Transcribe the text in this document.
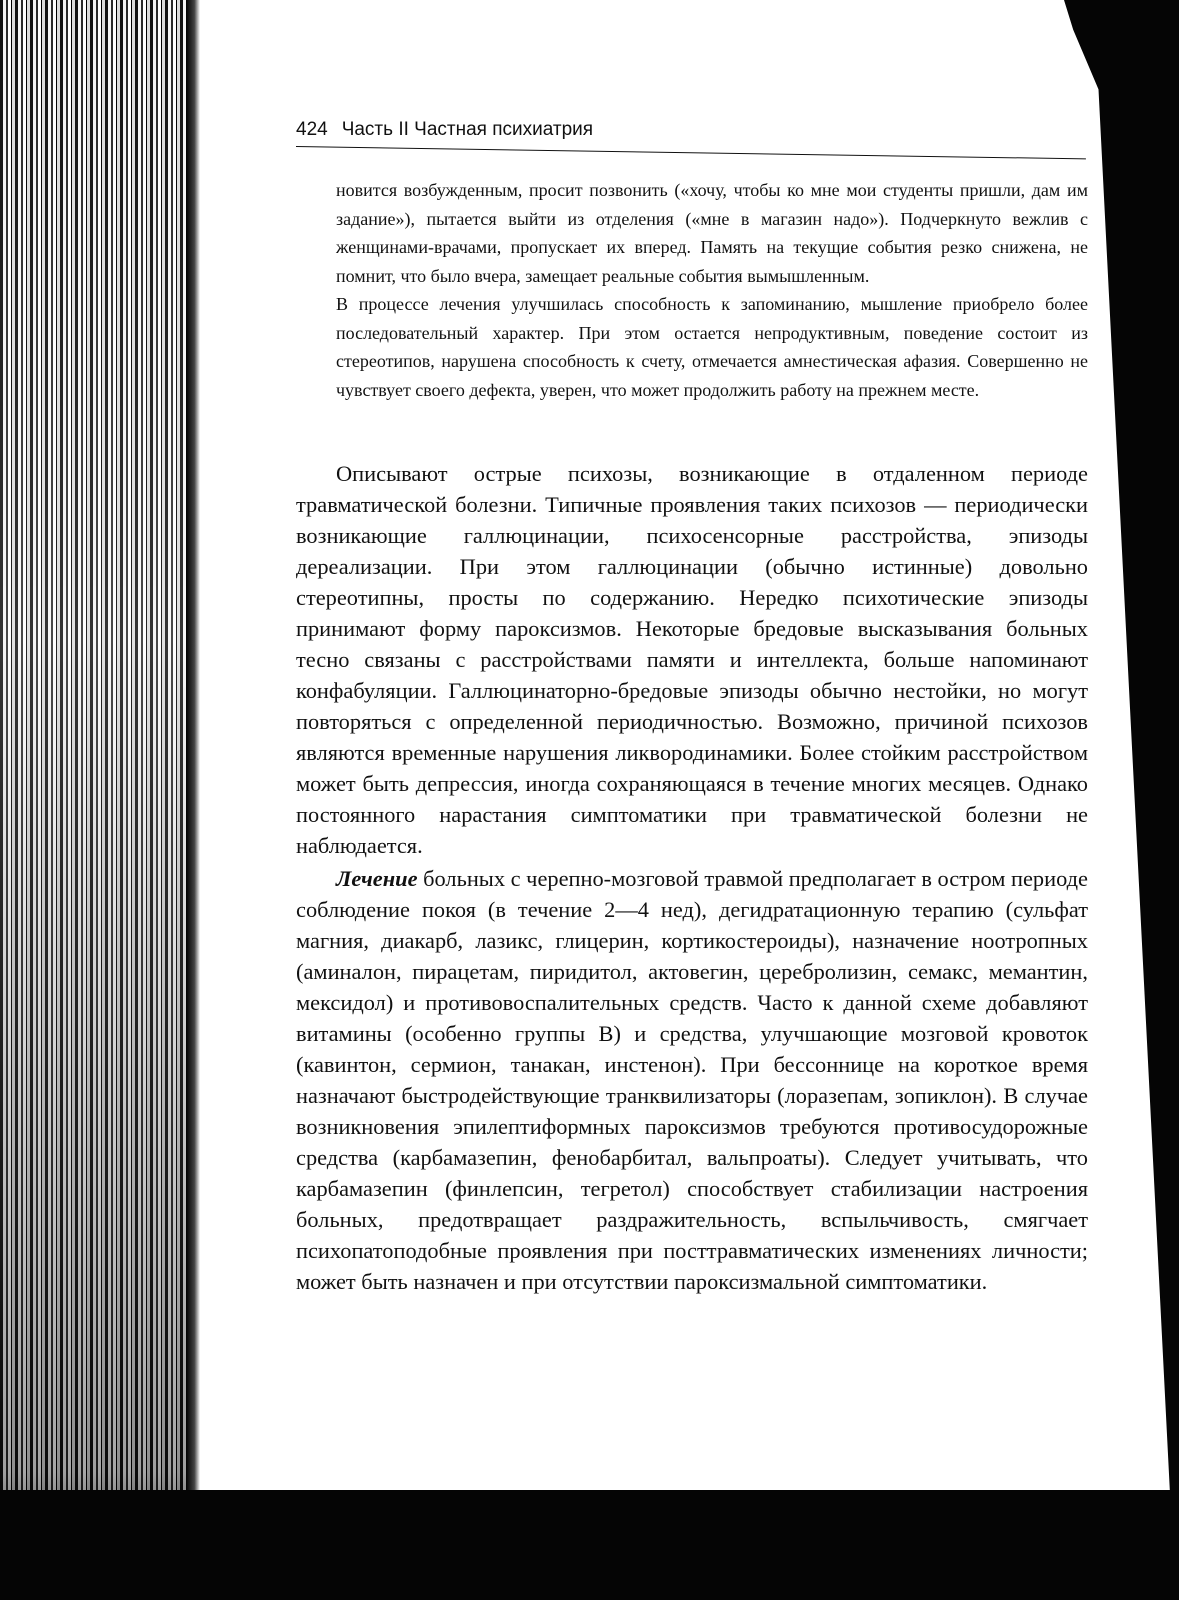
424 Часть II Частная психиатрия

новится возбужденным, просит позвонить («хочу, чтобы ко мне мои студенты пришли, дам им задание»), пытается выйти из отделения («мне в магазин надо»). Подчеркнуто вежлив с женщинами-врачами, пропускает их вперед. Память на текущие события резко снижена, не помнит, что было вчера, замещает реальные события вымышленным.

В процессе лечения улучшилась способность к запоминанию, мышление приобрело более последовательный характер. При этом остается непродуктивным, поведение состоит из стереотипов, нарушена способность к счету, отмечается амнестическая афазия. Совершенно не чувствует своего дефекта, уверен, что может продолжить работу на прежнем месте.

Описывают острые психозы, возникающие в отдаленном периоде травматической болезни. Типичные проявления таких психозов — периодически возникающие галлюцинации, психосенсорные расстройства, эпизоды дереализации. При этом галлюцинации (обычно истинные) довольно стереотипны, просты по содержанию. Нередко психотические эпизоды принимают форму пароксизмов. Некоторые бредовые высказывания больных тесно связаны с расстройствами памяти и интеллекта, больше напоминают конфабуляции. Галлюцинаторно-бредовые эпизоды обычно нестойки, но могут повторяться с определенной периодичностью. Возможно, причиной психозов являются временные нарушения ликвородинамики. Более стойким расстройством может быть депрессия, иногда сохраняющаяся в течение многих месяцев. Однако постоянного нарастания симптоматики при травматической болезни не наблюдается.

Лечение больных с черепно-мозговой травмой предполагает в остром периоде соблюдение покоя (в течение 2—4 нед), дегидратационную терапию (сульфат магния, диакарб, лазикс, глицерин, кортикостероиды), назначение ноотропных (аминалон, пирацетам, пиридитол, актовегин, церебролизин, семакс, мемантин, мексидол) и противовоспалительных средств. Часто к данной схеме добавляют витамины (особенно группы B) и средства, улучшающие мозговой кровоток (кавинтон, сермион, танакан, инстенон). При бессоннице на короткое время назначают быстродействующие транквилизаторы (лоразепам, зопиклон). В случае возникновения эпилептиформных пароксизмов требуются противосудорожные средства (карбамазепин, фенобарбитал, вальпроаты). Следует учитывать, что карбамазепин (финлепсин, тегретол) способствует стабилизации настроения больных, предотвращает раздражительность, вспыльчивость, смягчает психопатоподобные проявления при посттравматических изменениях личности; может быть назначен и при отсутствии пароксизмальной симптоматики.
